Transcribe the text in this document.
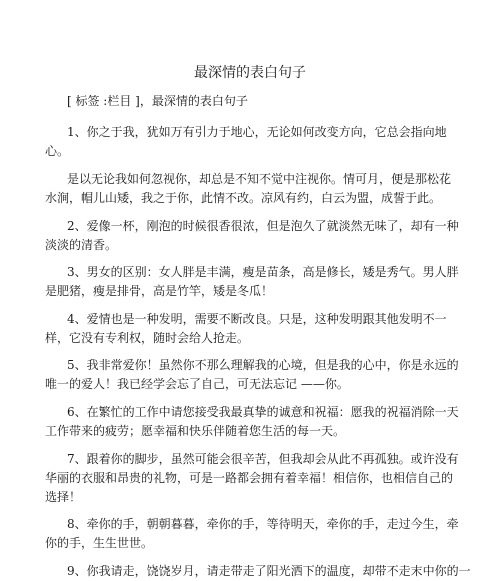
最深情的表白句子
[ 标签 :栏目 ]，最深情的表白句子
1、你之于我，犹如万有引力于地心，无论如何改变方向，它总会指向地
心。
是以无论我如何忽视你，却总是不知不觉中注视你。情可月，便是那松花
水涧，帽儿山矮，我之于你，此情不改。凉风有约，白云为盟，成誓于此。
2、爱像一杯，刚泡的时候很香很浓，但是泡久了就淡然无味了，却有一种
淡淡的清香。
3、男女的区别：女人胖是丰满，瘦是苗条，高是修长，矮是秀气。男人胖
是肥猪，瘦是排骨，高是竹竿，矮是冬瓜！
4、爱情也是一种发明，需要不断改良。只是，这种发明跟其他发明不一
样，它没有专利权，随时会给人抢走。
5、我非常爱你！虽然你不那么理解我的心境，但是我的心中，你是永远的
唯一的爱人！我已经学会忘了自己，可无法忘记 ——你。
6、在繁忙的工作中请您接受我最真挚的诚意和祝福：愿我的祝福消除一天
工作带来的疲劳；愿幸福和快乐伴随着您生活的每一天。
7、跟着你的脚步，虽然可能会很辛苦，但我却会从此不再孤独。或许没有
华丽的衣服和昂贵的礼物，可是一路都会拥有着幸福！相信你，也相信自己的
选择！
8、牵你的手，朝朝暮暮，牵你的手，等待明天，牵你的手，走过今生，牵
你的手，生生世世。
9、你我请走，饶饶岁月，请走带走了阳光洒下的温度，却带不走末中你的一
